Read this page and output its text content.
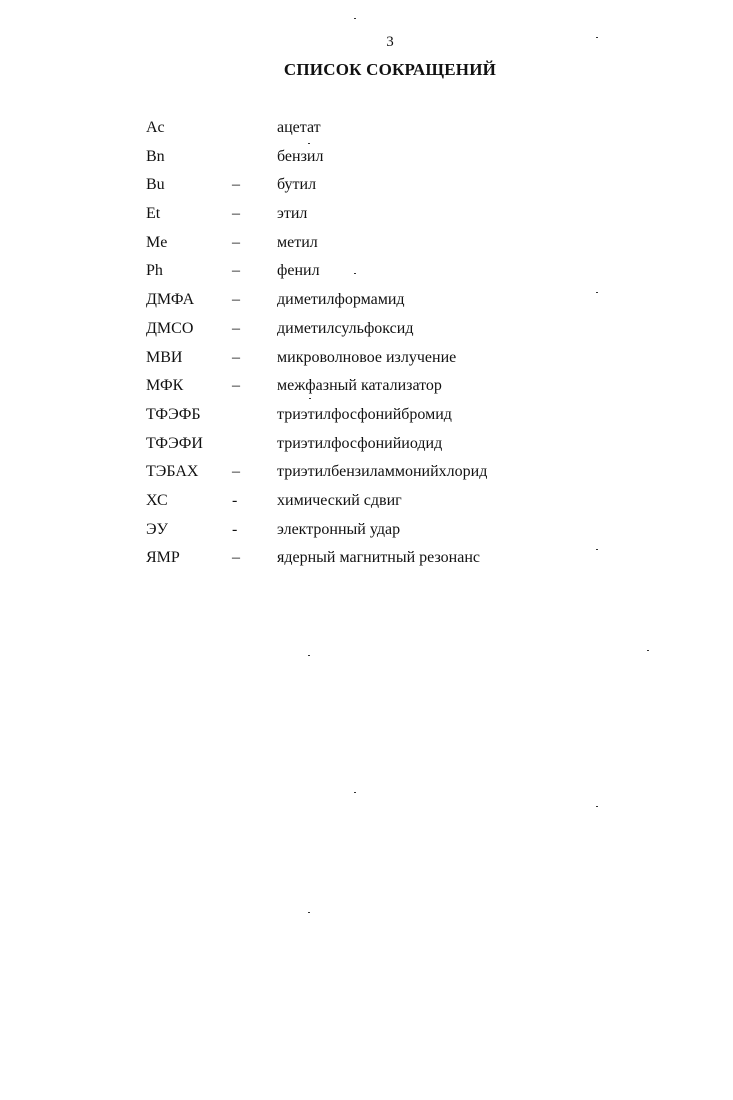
3
СПИСОК СОКРАЩЕНИЙ
Ac	ацетат
Bn	бензил
Bu	– бутил
Et	– этил
Me	– метил
Ph	– фенил
ДМФА – диметилформамид
ДМСО – диметилсульфоксид
МВИ	– микроволновое излучение
МФК	– межфазный катализатор
ТФЭФБ	триэтилфосфонийбромид
ТФЭФИ	триэтилфосфонийиодид
ТЭБАХ – триэтилбензиламмонийхлорид
ХС	- химический сдвиг
ЭУ	- электронный удар
ЯМР	– ядерный магнитный резонанс
